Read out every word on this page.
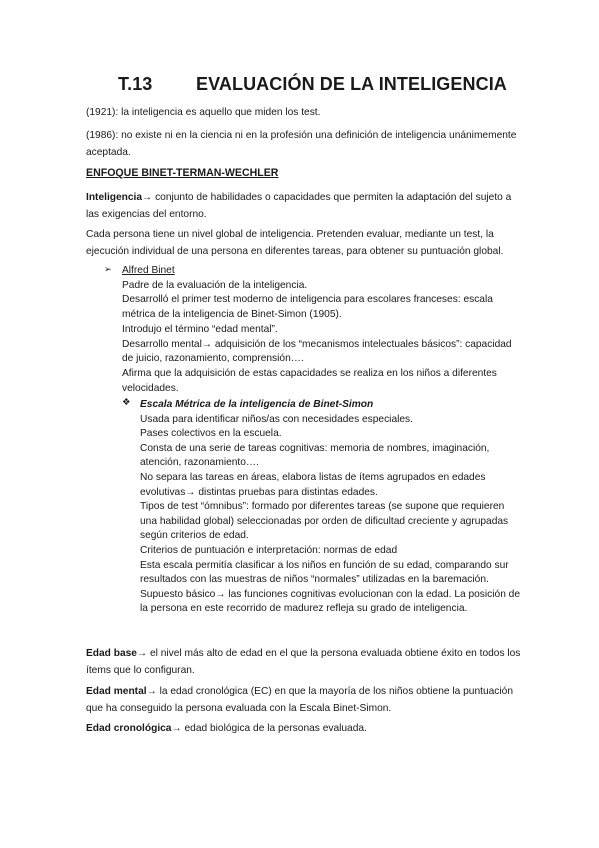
T.13 EVALUACIÓN DE LA INTELIGENCIA
(1921): la inteligencia es aquello que miden los test.
(1986): no existe ni en la ciencia ni en la profesión una definición de inteligencia unánimemente aceptada.
ENFOQUE BINET-TERMAN-WECHLER
Inteligencia→ conjunto de habilidades o capacidades que permiten la adaptación del sujeto a las exigencias del entorno.
Cada persona tiene un nivel global de inteligencia. Pretenden evaluar, mediante un test, la ejecución individual de una persona en diferentes tareas, para obtener su puntuación global.
➢ Alfred Binet
Padre de la evaluación de la inteligencia.
Desarrolló el primer test moderno de inteligencia para escolares franceses: escala
métrica de la inteligencia de Binet-Simon (1905).
Introdujo el término “edad mental”.
Desarrollo mental→ adquisición de los “mecanismos intelectuales básicos”: capacidad
de juicio, razonamiento, comprensión….
Afirma que la adquisición de estas capacidades se realiza en los niños a diferentes
velocidades.
❖ Escala Métrica de la inteligencia de Binet-Simon
Usada para identificar niños/as con necesidades especiales.
Pases colectivos en la escuela.
Consta de una serie de tareas cognitivas: memoria de nombres, imaginación,
atención, razonamiento….
No separa las tareas en áreas, elabora listas de ítems agrupados en edades
evolutivas→ distintas pruebas para distintas edades.
Tipos de test “ómnibus”: formado por diferentes tareas (se supone que requieren
una habilidad global) seleccionadas por orden de dificultad creciente y agrupadas
según criterios de edad.
Criterios de puntuación e interpretación: normas de edad
Esta escala permitía clasificar a los niños en función de su edad, comparando sur
resultados con las muestras de niños “normales” utilizadas en la baremación.
Supuesto básico→ las funciones cognitivas evolucionan con la edad. La posición de
la persona en este recorrido de madurez refleja su grado de inteligencia.
Edad base→ el nivel más alto de edad en el que la persona evaluada obtiene éxito en todos los ítems que lo configuran.
Edad mental→ la edad cronológica (EC) en que la mayoría de los niños obtiene la puntuación que ha conseguido la persona evaluada con la Escala Binet-Simon.
Edad cronológica→ edad biológica de la personas evaluada.
